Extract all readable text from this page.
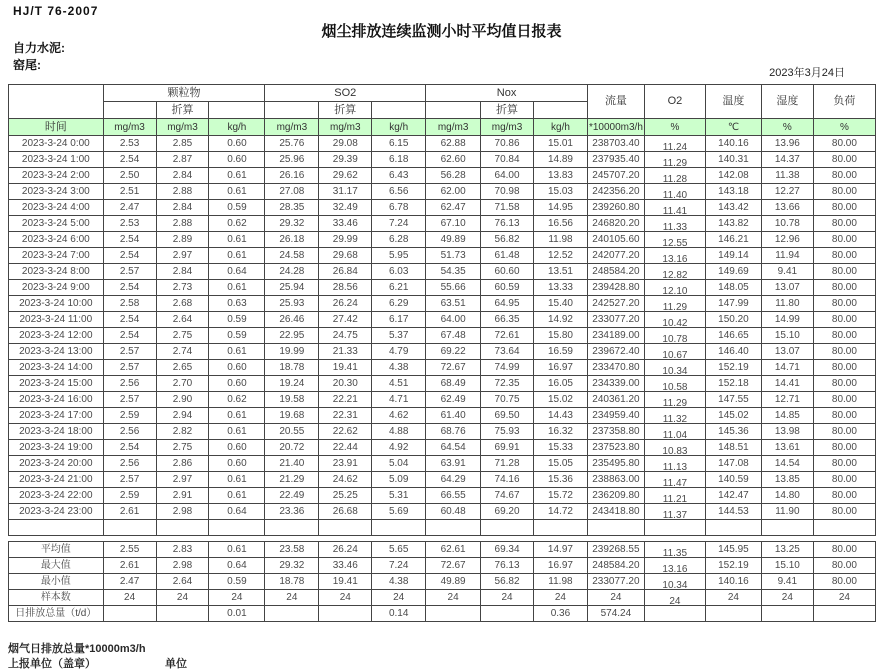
HJ/T 76-2007
烟尘排放连续监测小时平均值日报表
自力水泥:
窑尾:
2023年3月24日
	颗粒物			SO2			Nox			流量	O2	温度	湿度	负荷
		折算			折算			折算						
时间	mg/m3	mg/m3	kg/h	mg/m3	mg/m3	kg/h	mg/m3	mg/m3	kg/h	*10000m3/h	%	℃	%	%
2023-3-24 0:00	2.53	2.85	0.60	25.76	29.08	6.15	62.88	70.86	15.01	238703.40	11.24	140.16	13.96	80.00
2023-3-24 1:00	2.54	2.87	0.60	25.96	29.39	6.18	62.60	70.84	14.89	237935.40	11.29	140.31	14.37	80.00
2023-3-24 2:00	2.50	2.84	0.61	26.16	29.62	6.43	56.28	64.00	13.83	245707.20	11.28	142.08	11.38	80.00
2023-3-24 3:00	2.51	2.88	0.61	27.08	31.17	6.56	62.00	70.98	15.03	242356.20	11.40	143.18	12.27	80.00
2023-3-24 4:00	2.47	2.84	0.59	28.35	32.49	6.78	62.47	71.58	14.95	239260.80	11.41	143.42	13.66	80.00
2023-3-24 5:00	2.53	2.88	0.62	29.32	33.46	7.24	67.10	76.13	16.56	246820.20	11.33	143.82	10.78	80.00
2023-3-24 6:00	2.54	2.89	0.61	26.18	29.99	6.28	49.89	56.82	11.98	240105.60	12.55	146.21	12.96	80.00
2023-3-24 7:00	2.54	2.97	0.61	24.58	29.68	5.95	51.73	61.48	12.52	242077.20	13.16	149.14	11.94	80.00
2023-3-24 8:00	2.57	2.84	0.64	24.28	26.84	6.03	54.35	60.60	13.51	248584.20	12.82	149.69	9.41	80.00
2023-3-24 9:00	2.54	2.73	0.61	25.94	28.56	6.21	55.66	60.59	13.33	239428.80	12.10	148.05	13.07	80.00
2023-3-24 10:00	2.58	2.68	0.63	25.93	26.24	6.29	63.51	64.95	15.40	242527.20	11.29	147.99	11.80	80.00
2023-3-24 11:00	2.54	2.64	0.59	26.46	27.42	6.17	64.00	66.35	14.92	233077.20	10.42	150.20	14.99	80.00
2023-3-24 12:00	2.54	2.75	0.59	22.95	24.75	5.37	67.48	72.61	15.80	234189.00	10.78	146.65	15.10	80.00
2023-3-24 13:00	2.57	2.74	0.61	19.99	21.33	4.79	69.22	73.64	16.59	239672.40	10.67	146.40	13.07	80.00
2023-3-24 14:00	2.57	2.65	0.60	18.78	19.41	4.38	72.67	74.99	16.97	233470.80	10.34	152.19	14.71	80.00
2023-3-24 15:00	2.56	2.70	0.60	19.24	20.30	4.51	68.49	72.35	16.05	234339.00	10.58	152.18	14.41	80.00
2023-3-24 16:00	2.57	2.90	0.62	19.58	22.21	4.71	62.49	70.75	15.02	240361.20	11.29	147.55	12.71	80.00
2023-3-24 17:00	2.59	2.94	0.61	19.68	22.31	4.62	61.40	69.50	14.43	234959.40	11.32	145.02	14.85	80.00
2023-3-24 18:00	2.56	2.82	0.61	20.55	22.62	4.88	68.76	75.93	16.32	237358.80	11.04	145.36	13.98	80.00
2023-3-24 19:00	2.54	2.75	0.60	20.72	22.44	4.92	64.54	69.91	15.33	237523.80	10.83	148.51	13.61	80.00
2023-3-24 20:00	2.56	2.86	0.60	21.40	23.91	5.04	63.91	71.28	15.05	235495.80	11.13	147.08	14.54	80.00
2023-3-24 21:00	2.57	2.97	0.61	21.29	24.62	5.09	64.29	74.16	15.36	238863.00	11.47	140.59	13.85	80.00
2023-3-24 22:00	2.59	2.91	0.61	22.49	25.25	5.31	66.55	74.67	15.72	236209.80	11.21	142.47	14.80	80.00
2023-3-24 23:00	2.61	2.98	0.64	23.36	26.68	5.69	60.48	69.20	14.72	243418.80	11.37	144.53	11.90	80.00

平均值	2.55	2.83	0.61	23.58	26.24	5.65	62.61	69.34	14.97	239268.55	11.35	145.95	13.25	80.00
最大值	2.61	2.98	0.64	29.32	33.46	7.24	72.67	76.13	16.97	248584.20	13.16	152.19	15.10	80.00
最小值	2.47	2.64	0.59	18.78	19.41	4.38	49.89	56.82	11.98	233077.20	10.34	140.16	9.41	80.00
样本数	24	24	24	24	24	24	24	24	24	24	24	24	24	24
日排放总量（t/d）			0.01			0.14			0.36	574.24				
烟气日排放总量*10000m3/h
上报单位（盖章）	单位
